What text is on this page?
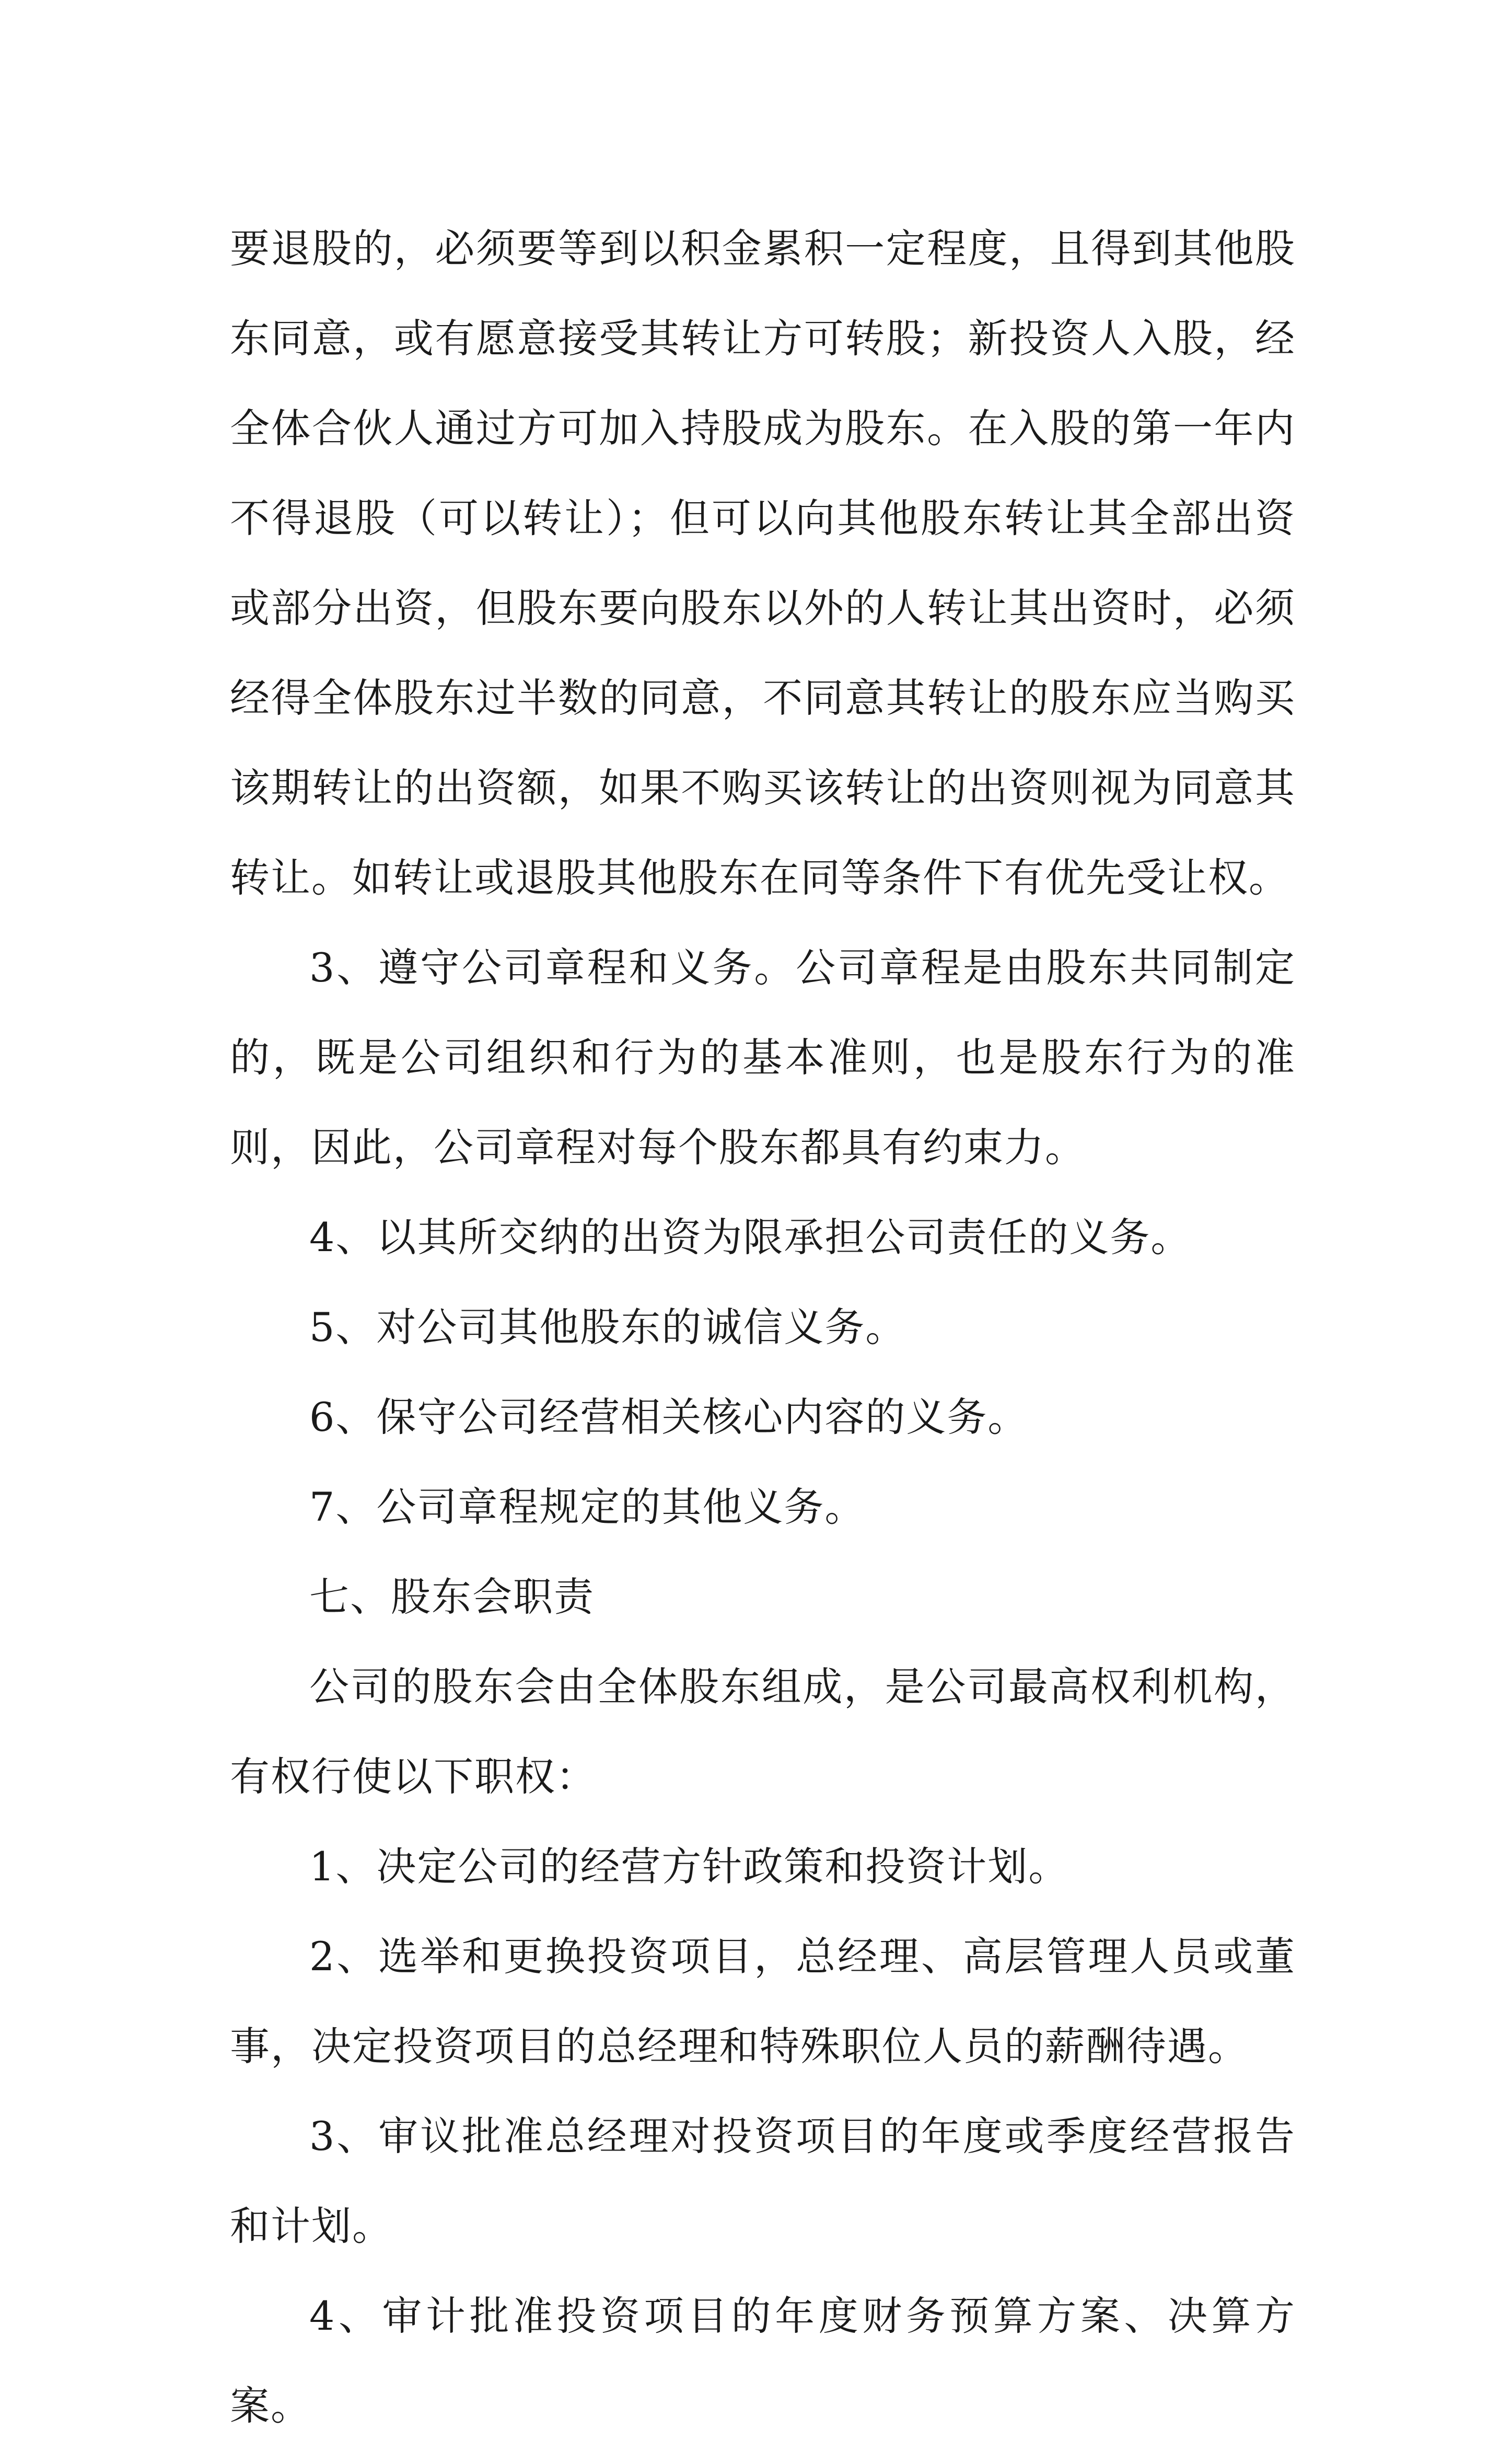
要退股的，必须要等到以积金累积一定程度，且得到其他股东同意，或有愿意接受其转让方可转股；新投资人入股，经全体合伙人通过方可加入持股成为股东。在入股的第一年内不得退股（可以转让）；但可以向其他股东转让其全部出资或部分出资，但股东要向股东以外的人转让其出资时，必须经得全体股东过半数的同意，不同意其转让的股东应当购买该期转让的出资额，如果不购买该转让的出资则视为同意其转让。如转让或退股其他股东在同等条件下有优先受让权。

3、遵守公司章程和义务。公司章程是由股东共同制定的，既是公司组织和行为的基本准则，也是股东行为的准则，因此，公司章程对每个股东都具有约束力。

4、以其所交纳的出资为限承担公司责任的义务。

5、对公司其他股东的诚信义务。

6、保守公司经营相关核心内容的义务。

7、公司章程规定的其他义务。

七、股东会职责

公司的股东会由全体股东组成，是公司最高权利机构，有权行使以下职权：

1、决定公司的经营方针政策和投资计划。

2、选举和更换投资项目，总经理、高层管理人员或董事，决定投资项目的总经理和特殊职位人员的薪酬待遇。

3、审议批准总经理对投资项目的年度或季度经营报告和计划。

4、审计批准投资项目的年度财务预算方案、决算方案。
